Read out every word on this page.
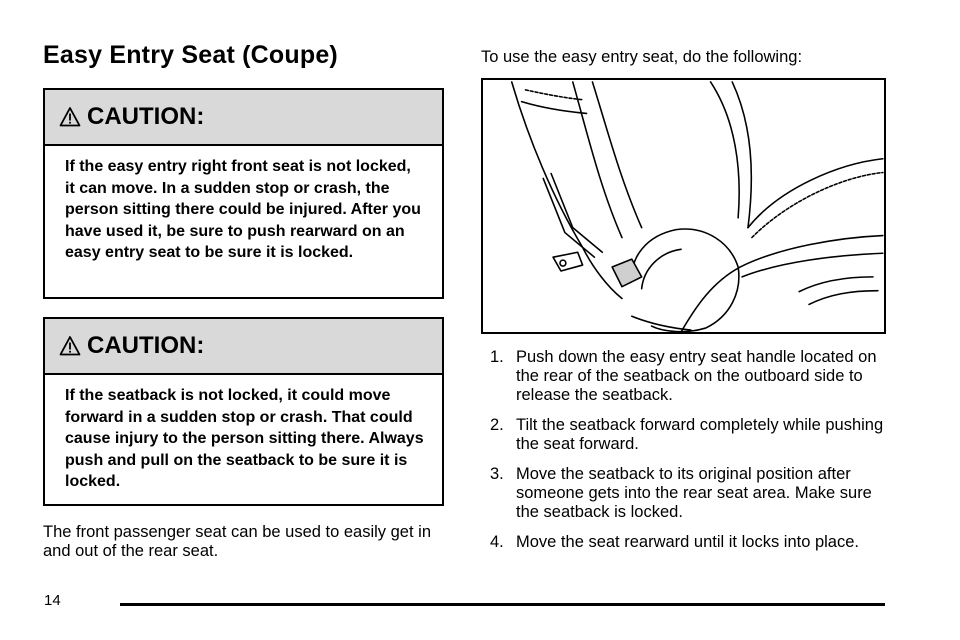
Easy Entry Seat (Coupe)
CAUTION:

If the easy entry right front seat is not locked, it can move. In a sudden stop or crash, the person sitting there could be injured. After you have used it, be sure to push rearward on an easy entry seat to be sure it is locked.

CAUTION:

If the seatback is not locked, it could move forward in a sudden stop or crash. That could cause injury to the person sitting there. Always push and pull on the seatback to be sure it is locked.

The front passenger seat can be used to easily get in and out of the rear seat.

To use the easy entry seat, do the following:

1. Push down the easy entry seat handle located on the rear of the seatback on the outboard side to release the seatback.
2. Tilt the seatback forward completely while pushing the seat forward.
3. Move the seatback to its original position after someone gets into the rear seat area. Make sure the seatback is locked.
4. Move the seat rearward until it locks into place.
14
